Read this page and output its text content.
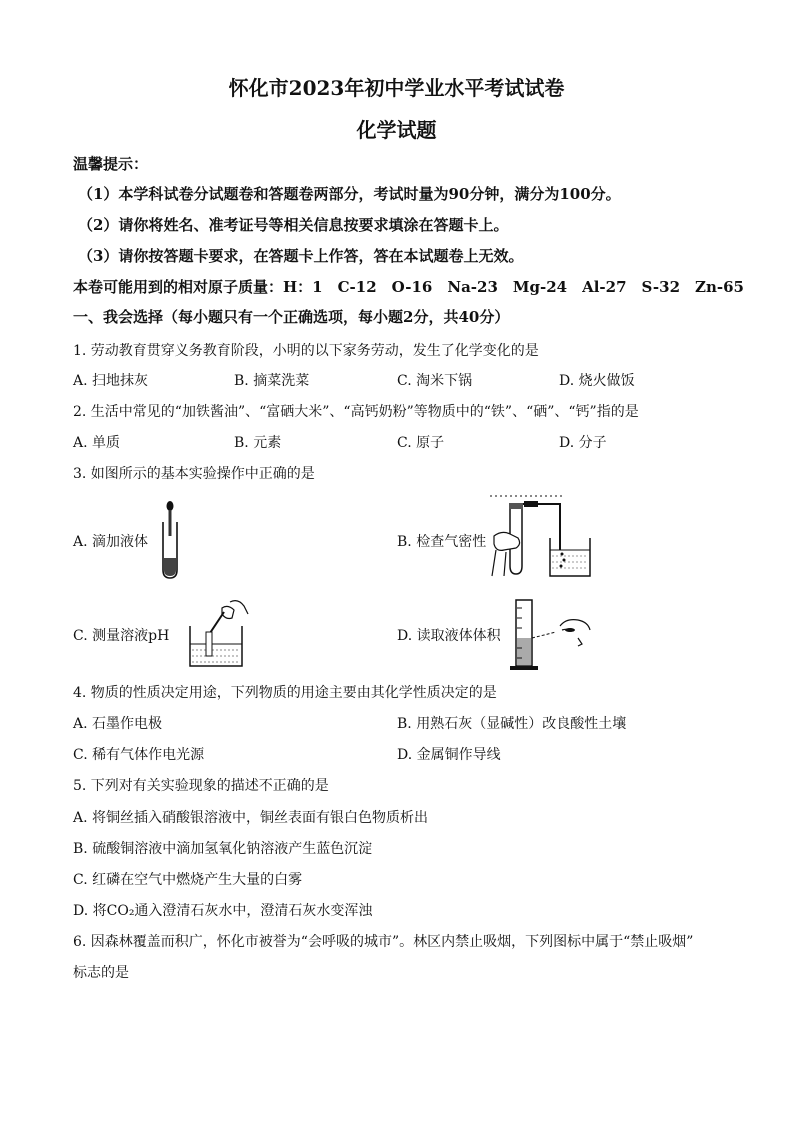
怀化市2023年初中学业水平考试试卷
化学试题
温馨提示：
（1）本学科试卷分试题卷和答题卷两部分，考试时量为90分钟，满分为100分。
（2）请你将姓名、准考证号等相关信息按要求填涂在答题卡上。
（3）请你按答题卡要求，在答题卡上作答，答在本试题卷上无效。
本卷可能用到的相对原子质量：H：1　C-12　O-16　Na-23　Mg-24　Al-27　S-32　Zn-65
一、我会选择（每小题只有一个正确选项，每小题2分，共40分）
1. 劳动教育贯穿义务教育阶段，小明的以下家务劳动，发生了化学变化的是
A. 扫地抹灰	B. 摘菜洗菜	C. 淘米下锅	D. 烧火做饭
2. 生活中常见的“加铁酱油”、“富硒大米”、“高钙奶粉”等物质中的“铁”、“硒”、“钙”指的是
A. 单质	B. 元素	C. 原子	D. 分子
3. 如图所示的基本实验操作中正确的是
A. 滴加液体	B. 检查气密性
C. 测量溶液pH	D. 读取液体体积
4. 物质的性质决定用途，下列物质的用途主要由其化学性质决定的是
A. 石墨作电极	B. 用熟石灰（显碱性）改良酸性土壤
C. 稀有气体作电光源	D. 金属铜作导线
5. 下列对有关实验现象的描述不正确的是
A. 将铜丝插入硝酸银溶液中，铜丝表面有银白色物质析出
B. 硫酸铜溶液中滴加氢氧化钠溶液产生蓝色沉淀
C. 红磷在空气中燃烧产生大量的白雾
D. 将CO₂通入澄清石灰水中，澄清石灰水变浑浊
6. 因森林覆盖而积广，怀化市被誉为“会呼吸的城市”。林区内禁止吸烟，下列图标中属于“禁止吸烟”
标志的是
